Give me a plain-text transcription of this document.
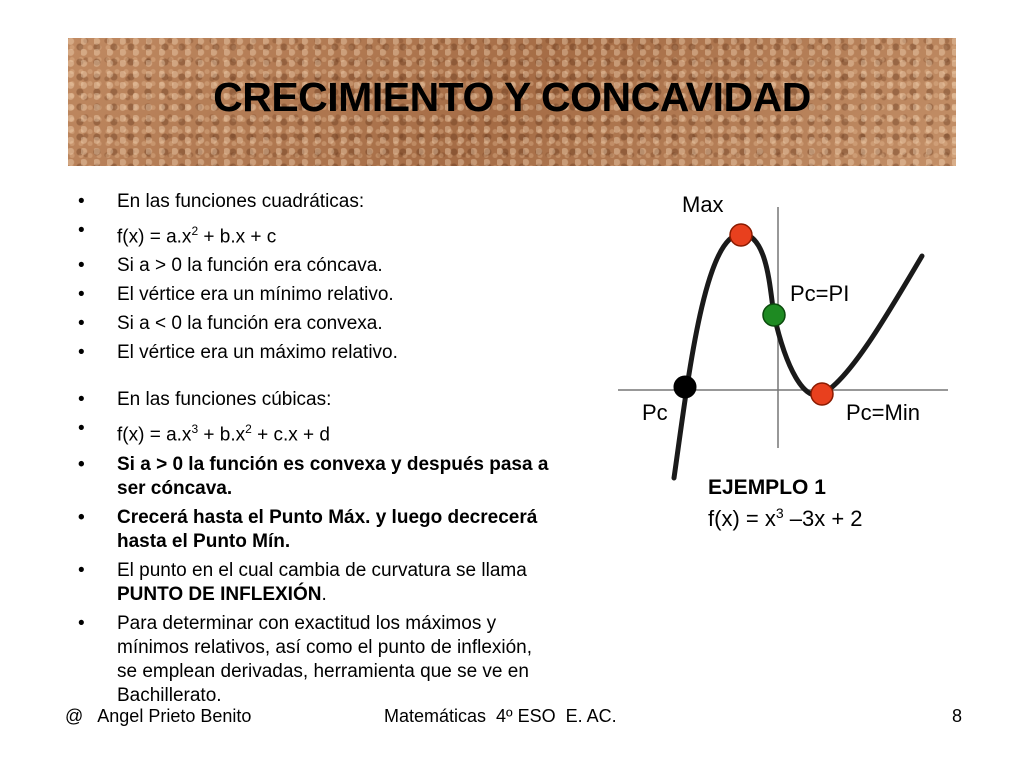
CRECIMIENTO Y CONCAVIDAD
• En las funciones cuadráticas:
• $f(x) = a.x^2 + b.x + c$
• Si a > 0 la función era cóncava.
• El vértice era un mínimo relativo.
• Si a < 0 la función era convexa.
• El vértice era un máximo relativo.
• En las funciones cúbicas:
• $f(x) = a.x^3 + b.x^2 + c.x + d$
• Si a > 0 la función es convexa y después pasa a ser cóncava.
• Crecerá hasta el Punto Máx. y luego decrecerá hasta el Punto Mín.
• El punto en el cual cambia de curvatura se llama PUNTO DE INFLEXIÓN.
• Para determinar con exactitud los máximos y mínimos relativos, así como el punto de inflexión, se emplean derivadas, herramienta que se ve en Bachillerato.
Max
Pc=PI
Pc	Pc=Min
EJEMPLO 1
$f(x) = x^3$ –3x + 2
@   Angel Prieto Benito	Matemáticas  4º ESO  E. AC.	8
